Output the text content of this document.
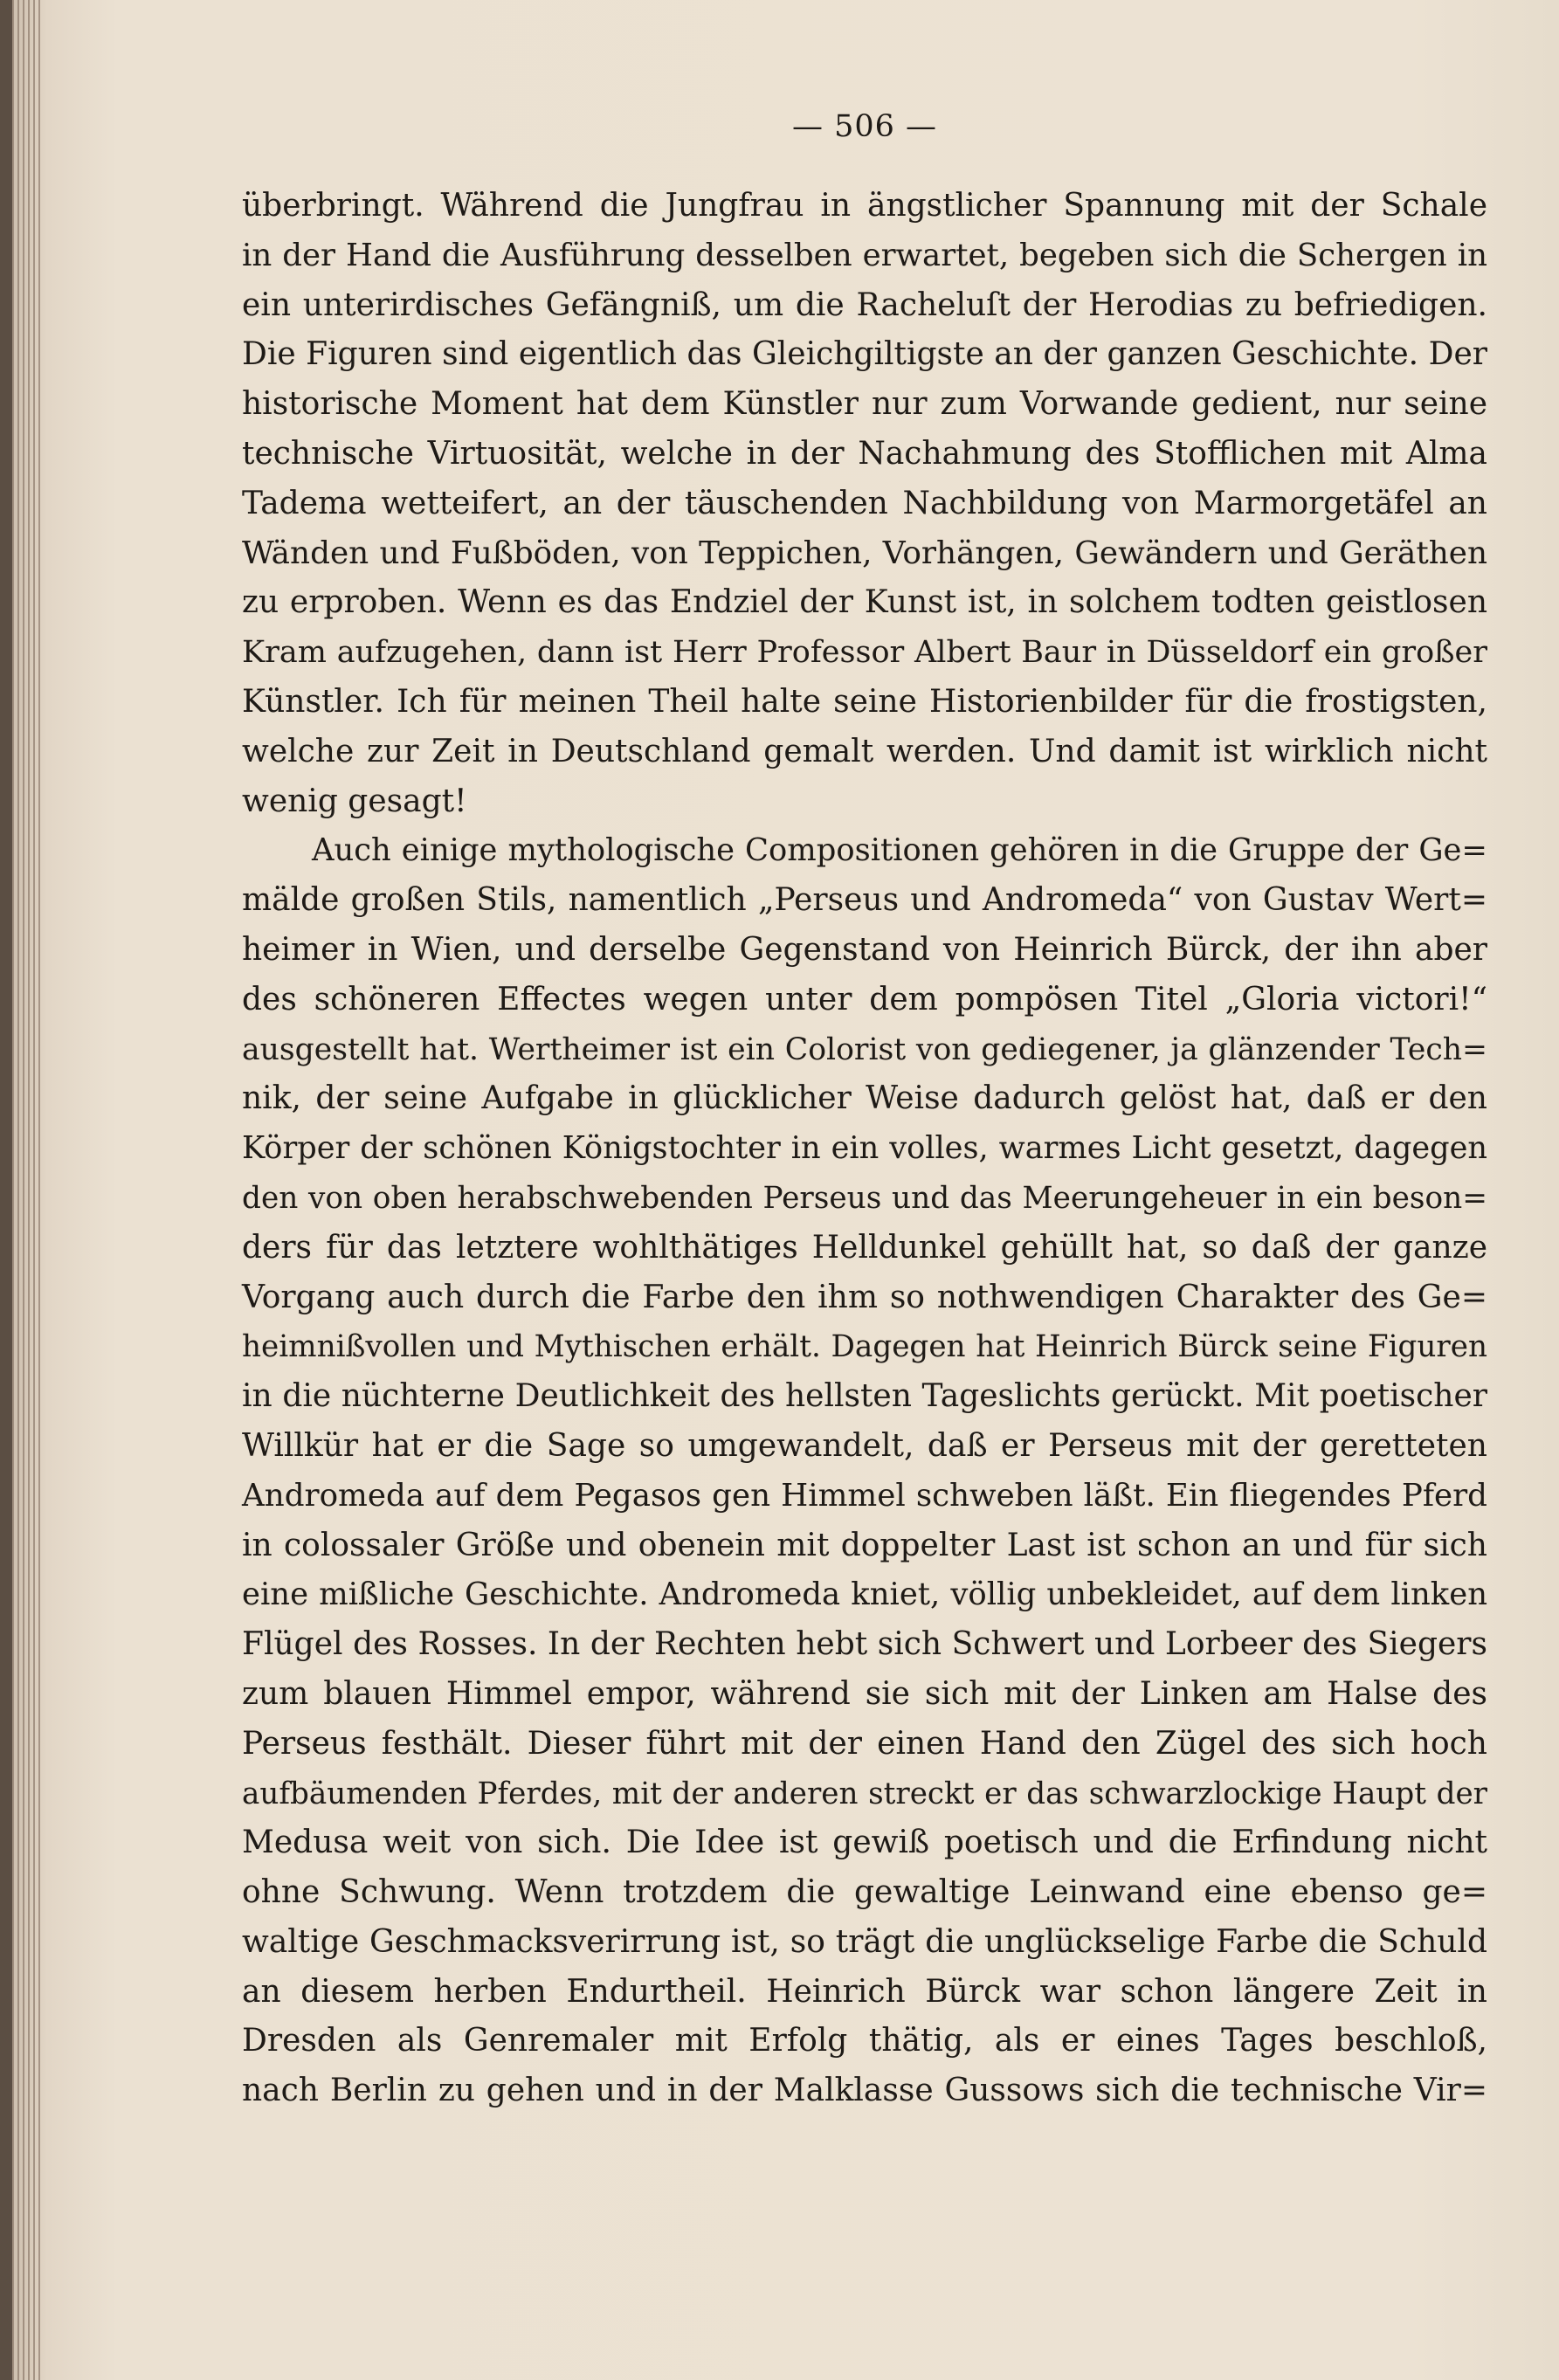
— 506 —
überbringt. Während die Jungfrau in ängstlicher Spannung mit der Schale
in der Hand die Ausführung desselben erwartet, begeben sich die Schergen in
ein unterirdisches Gefängniß, um die Racheluſt der Herodias zu befriedigen.
Die Figuren sind eigentlich das Gleichgiltigste an der ganzen Geschichte. Der
historische Moment hat dem Künstler nur zum Vorwande gedient, nur seine
technische Virtuosität, welche in der Nachahmung des Stofflichen mit Alma
Tadema wetteifert, an der täuschenden Nachbildung von Marmorgetäfel an
Wänden und Fußböden, von Teppichen, Vorhängen, Gewändern und Geräthen
zu erproben. Wenn es das Endziel der Kunst ist, in solchem todten geistlosen
Kram aufzugehen, dann ist Herr Professor Albert Baur in Düsseldorf ein großer
Künstler. Ich für meinen Theil halte seine Historienbilder für die frostigsten,
welche zur Zeit in Deutschland gemalt werden. Und damit ist wirklich nicht
wenig gesagt!
Auch einige mythologische Compositionen gehören in die Gruppe der Ge=
mälde großen Stils, namentlich „Perseus und Andromeda“ von Gustav Wert=
heimer in Wien, und derselbe Gegenstand von Heinrich Bürck, der ihn aber
des schöneren Effectes wegen unter dem pompösen Titel „Gloria victori!“
ausgestellt hat. Wertheimer ist ein Colorist von gediegener, ja glänzender Tech=
nik, der seine Aufgabe in glücklicher Weise dadurch gelöst hat, daß er den
Körper der schönen Königstochter in ein volles, warmes Licht gesetzt, dagegen
den von oben herabschwebenden Perseus und das Meerungeheuer in ein beson=
ders für das letztere wohlthätiges Helldunkel gehüllt hat, so daß der ganze
Vorgang auch durch die Farbe den ihm so nothwendigen Charakter des Ge=
heimnißvollen und Mythischen erhält. Dagegen hat Heinrich Bürck seine Figuren
in die nüchterne Deutlichkeit des hellsten Tageslichts gerückt. Mit poetischer
Willkür hat er die Sage so umgewandelt, daß er Perseus mit der geretteten
Andromeda auf dem Pegasos gen Himmel schweben läßt. Ein fliegendes Pferd
in colossaler Größe und obenein mit doppelter Last ist schon an und für sich
eine mißliche Geschichte. Andromeda kniet, völlig unbekleidet, auf dem linken
Flügel des Rosses. In der Rechten hebt sich Schwert und Lorbeer des Siegers
zum blauen Himmel empor, während sie sich mit der Linken am Halse des
Perseus festhält. Dieser führt mit der einen Hand den Zügel des sich hoch
aufbäumenden Pferdes, mit der anderen streckt er das schwarzlockige Haupt der
Medusa weit von sich. Die Idee ist gewiß poetisch und die Erfindung nicht
ohne Schwung. Wenn trotzdem die gewaltige Leinwand eine ebenso ge=
waltige Geschmacksverirrung ist, so trägt die unglückselige Farbe die Schuld
an diesem herben Endurtheil. Heinrich Bürck war schon längere Zeit in
Dresden als Genremaler mit Erfolg thätig, als er eines Tages beschloß,
nach Berlin zu gehen und in der Malklasse Gussows sich die technische Vir=
